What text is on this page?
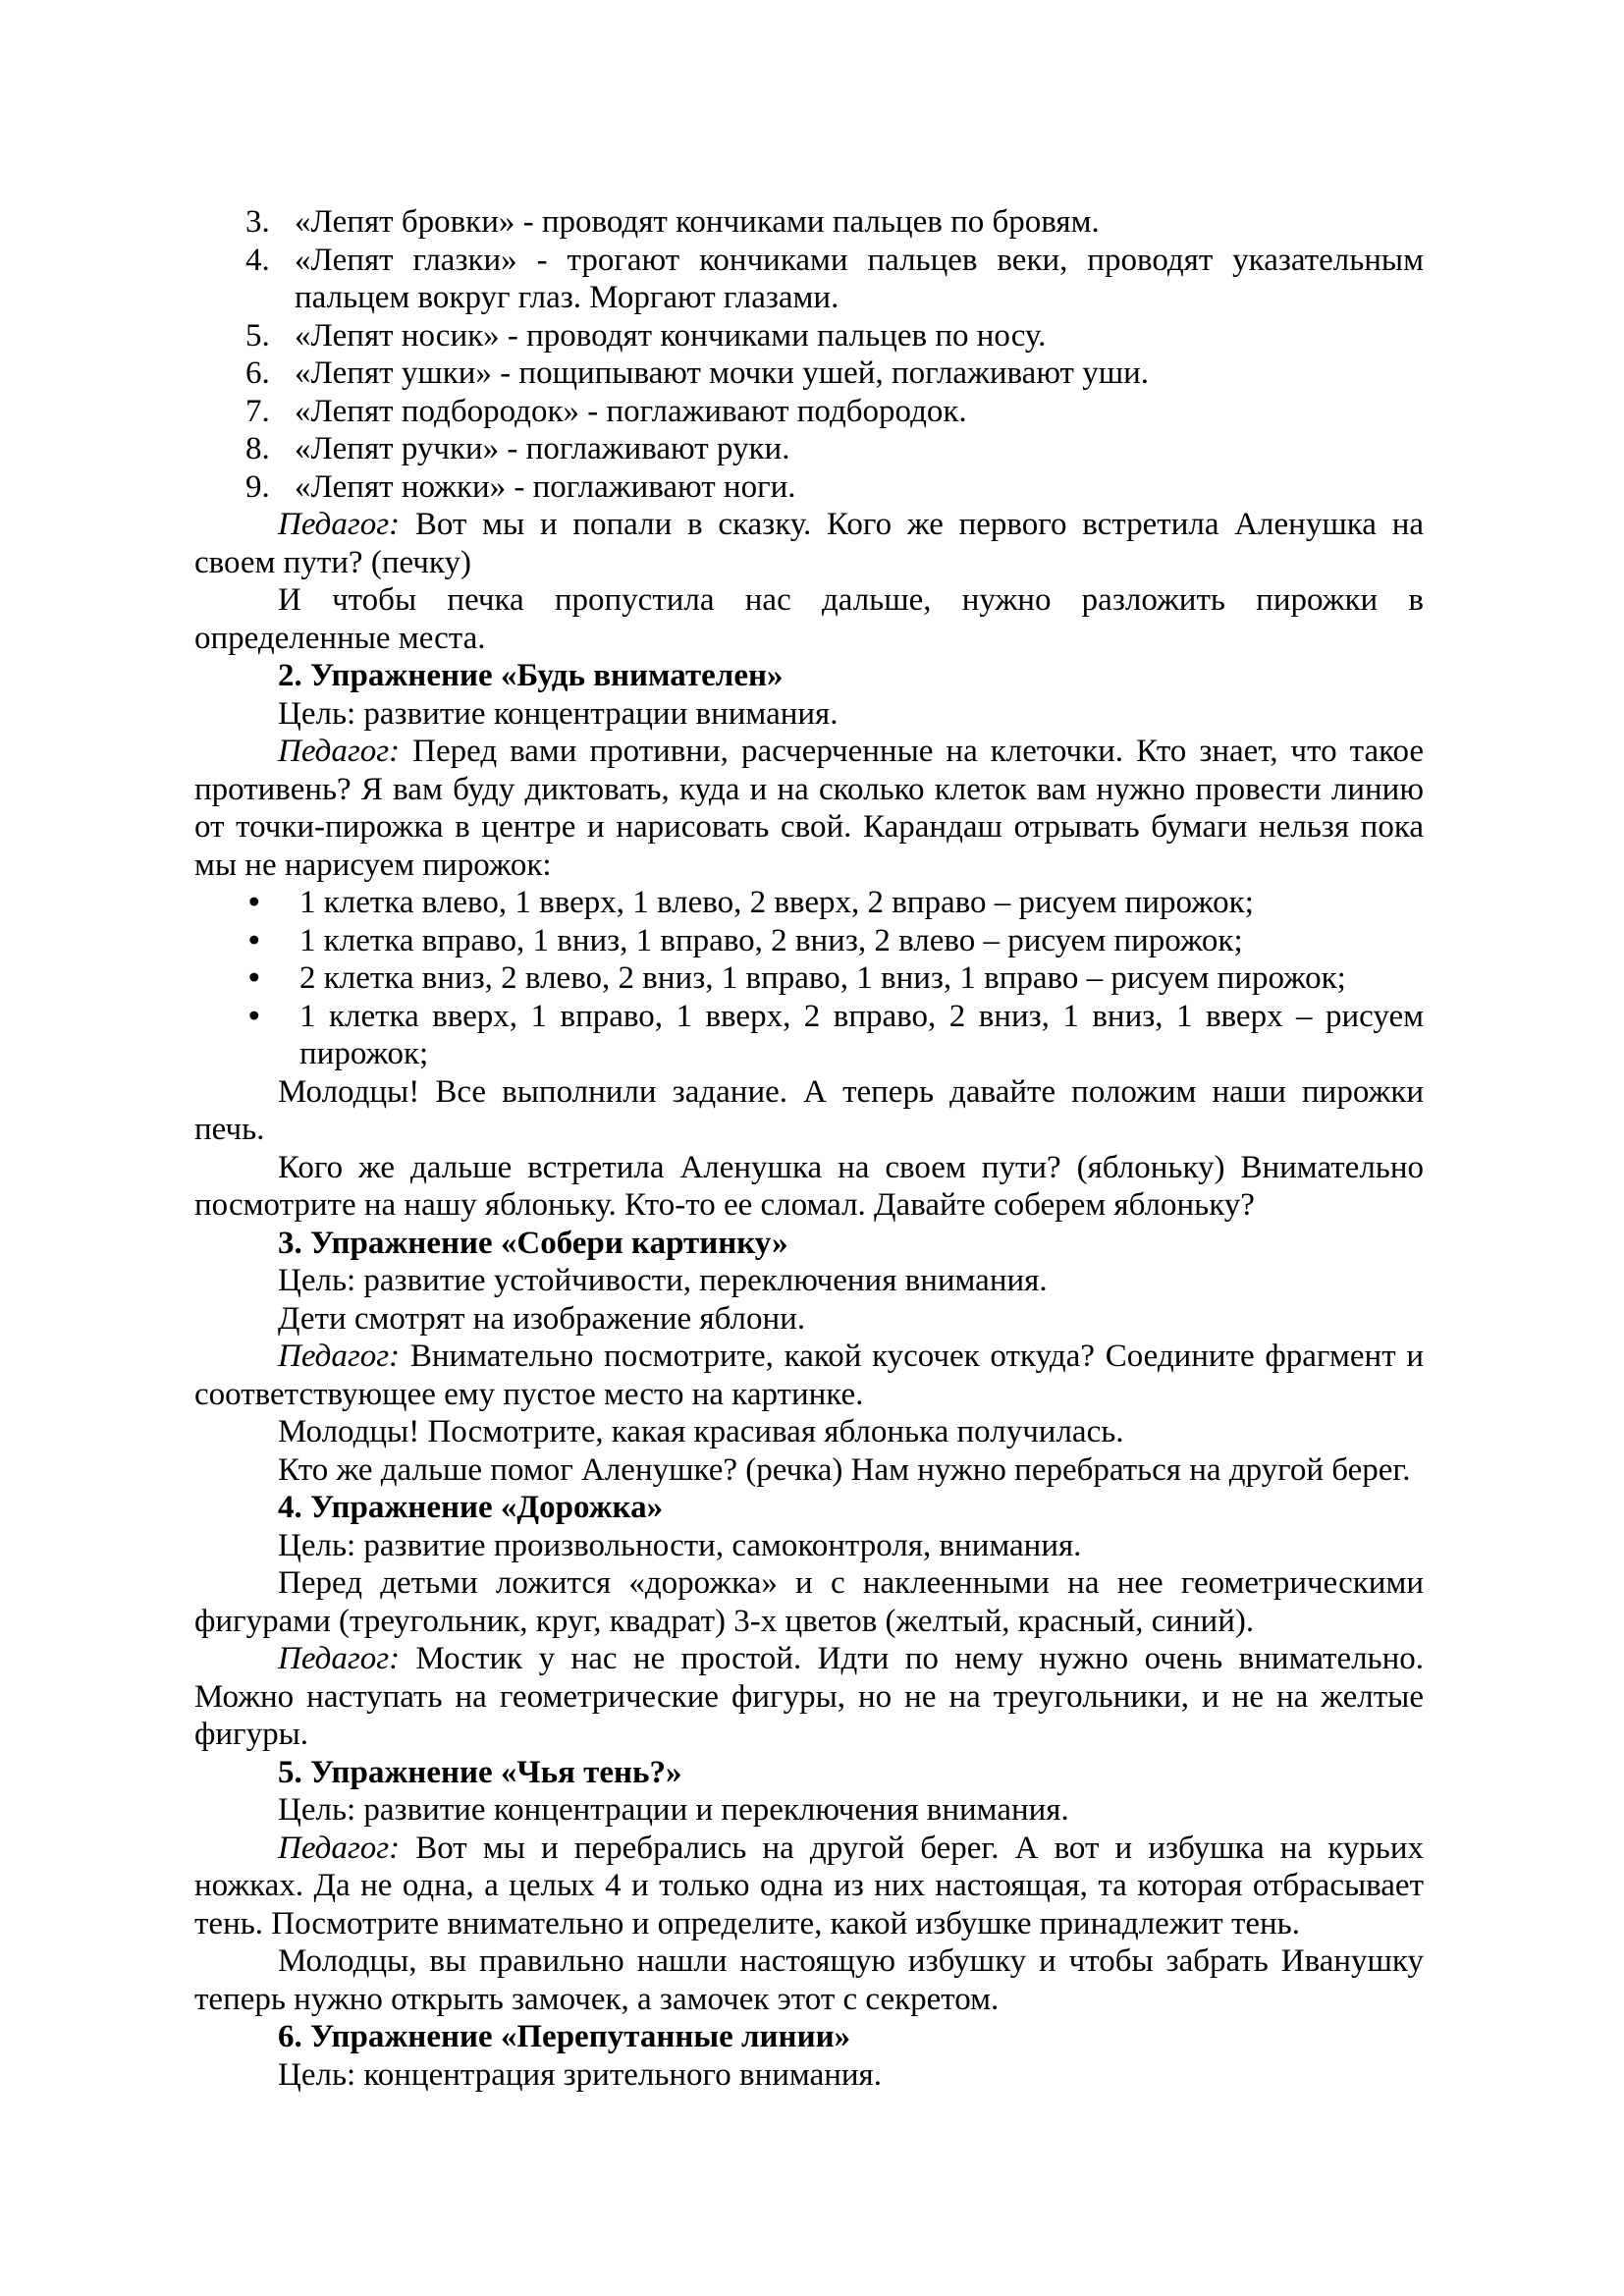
3. «Лепят бровки» - проводят кончиками пальцев по бровям.
4. «Лепят глазки» - трогают кончиками пальцев веки, проводят указательным пальцем вокруг глаз. Моргают глазами.
5. «Лепят носик» - проводят кончиками пальцев по носу.
6. «Лепят ушки» - пощипывают мочки ушей, поглаживают уши.
7. «Лепят подбородок» - поглаживают подбородок.
8. «Лепят ручки» - поглаживают руки.
9. «Лепят ножки» - поглаживают ноги.

Педагог: Вот мы и попали в сказку. Кого же первого встретила Аленушка на своем пути? (печку)

И чтобы печка пропустила нас дальше, нужно разложить пирожки в определенные места.

2. Упражнение «Будь внимателен»

Цель: развитие концентрации внимания.

Педагог: Перед вами противни, расчерченные на клеточки. Кто знает, что такое противень? Я вам буду диктовать, куда и на сколько клеток вам нужно провести линию от точки-пирожка в центре и нарисовать свой. Карандаш отрывать бумаги нельзя пока мы не нарисуем пирожок:

•	1 клетка влево, 1 вверх, 1 влево, 2 вверх, 2 вправо – рисуем пирожок;
•	1 клетка вправо, 1 вниз, 1 вправо, 2 вниз, 2 влево – рисуем пирожок;
•	2 клетка вниз, 2 влево, 2 вниз, 1 вправо, 1 вниз, 1 вправо – рисуем пирожок;
•	1 клетка вверх, 1 вправо, 1 вверх, 2 вправо, 2 вниз, 1 вниз, 1 вверх – рисуем пирожок;

Молодцы! Все выполнили задание. А теперь давайте положим наши пирожки печь.

Кого же дальше встретила Аленушка на своем пути? (яблоньку) Внимательно посмотрите на нашу яблоньку. Кто-то ее сломал. Давайте соберем яблоньку?

3. Упражнение «Собери картинку»

Цель: развитие устойчивости, переключения внимания.

Дети смотрят на изображение яблони.

Педагог: Внимательно посмотрите, какой кусочек откуда? Соедините фрагмент и соответствующее ему пустое место на картинке.

Молодцы! Посмотрите, какая красивая яблонька получилась.

Кто же дальше помог Аленушке? (речка) Нам нужно перебраться на другой берег.

4. Упражнение «Дорожка»

Цель: развитие произвольности, самоконтроля, внимания.

Перед детьми ложится «дорожка» и с наклеенными на нее геометрическими фигурами (треугольник, круг, квадрат) 3-х цветов (желтый, красный, синий).

Педагог: Мостик у нас не простой. Идти по нему нужно очень внимательно. Можно наступать на геометрические фигуры, но не на треугольники, и не на желтые фигуры.

5. Упражнение «Чья тень?»

Цель: развитие концентрации и переключения внимания.

Педагог: Вот мы и перебрались на другой берег. А вот и избушка на курьих ножках. Да не одна, а целых 4 и только одна из них настоящая, та которая отбрасывает тень. Посмотрите внимательно и определите, какой избушке принадлежит тень.

Молодцы, вы правильно нашли настоящую избушку и чтобы забрать Иванушку теперь нужно открыть замочек, а замочек этот с секретом.

6. Упражнение «Перепутанные линии»

Цель: концентрация зрительного внимания.
